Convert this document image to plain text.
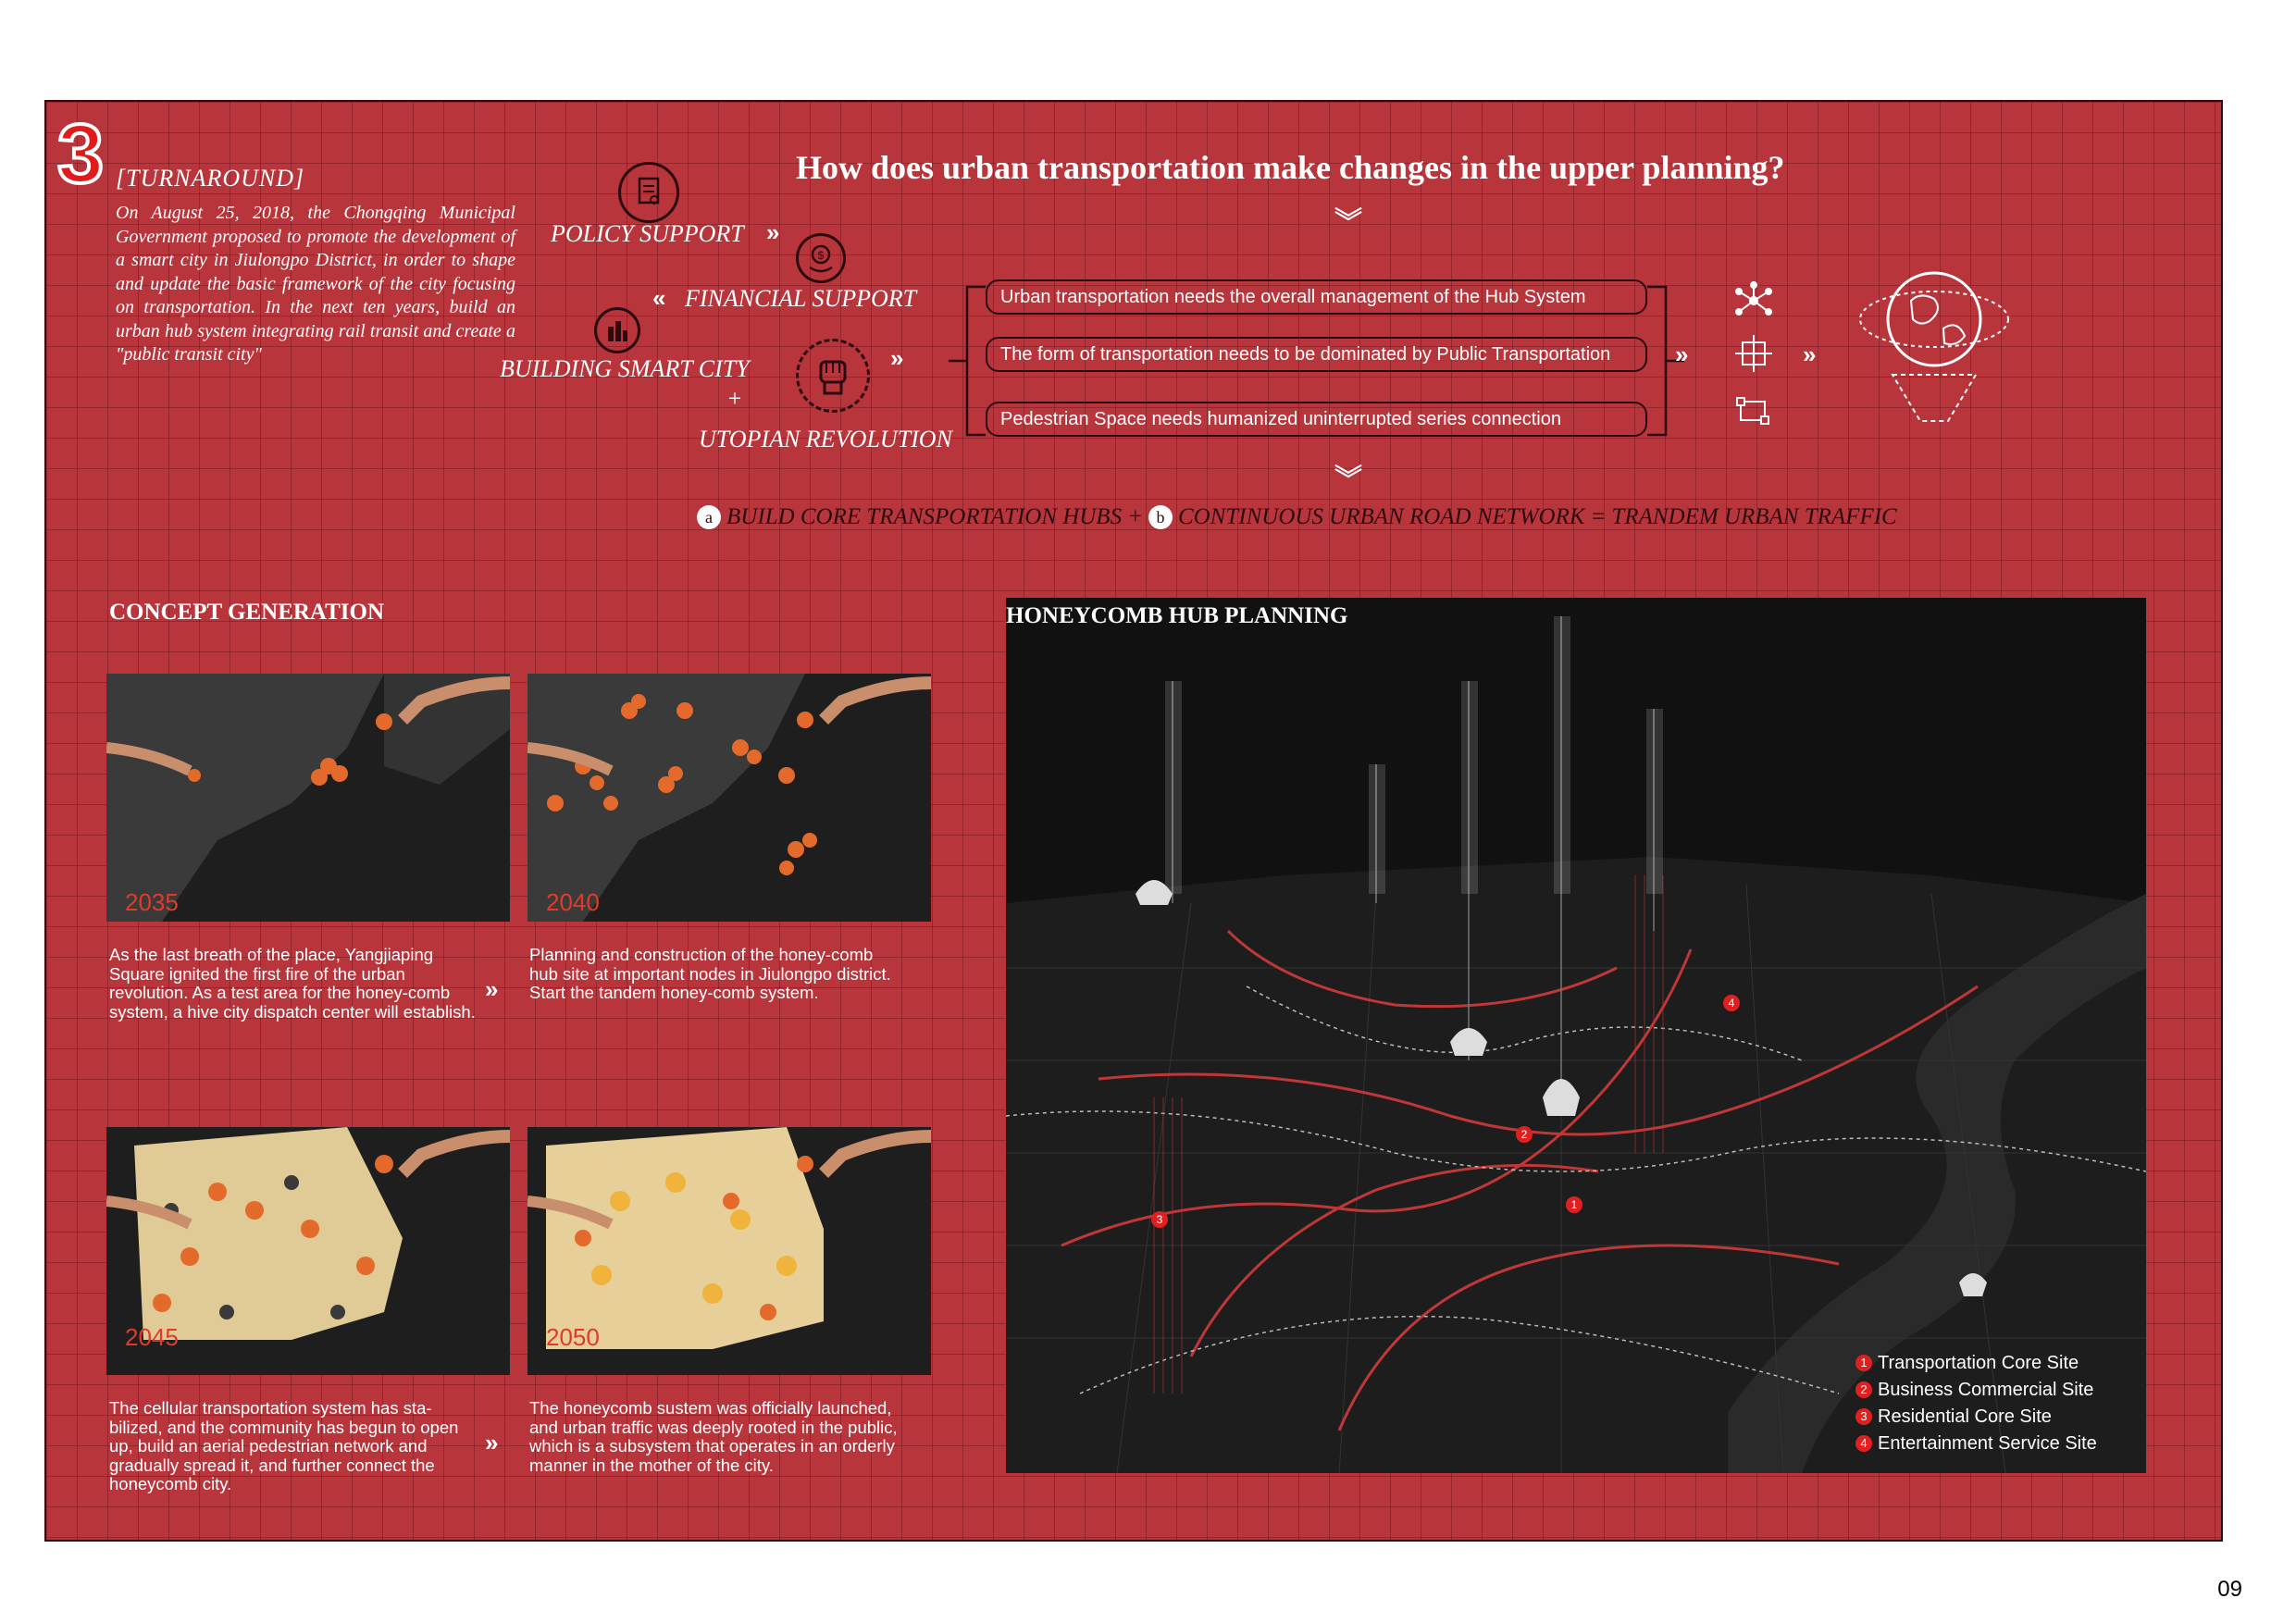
3 [TURNAROUND]
On August 25, 2018, the Chongqing Municipal Government proposed to promote the development of a smart city in Jiulongpo District, in order to shape and update the basic framework of the city focusing on transportation. In the next ten years, build an urban hub system integrating rail transit and create a "public transit city"
How does urban transportation make changes in the upper planning?
︾
POLICY SUPPORT »
$
« FINANCIAL SUPPORT
BUILDING SMART CITY
+
UTOPIAN REVOLUTION
»
Urban transportation needs the overall management of the Hub System
The form of transportation needs to be dominated by Public Transportation
Pedestrian Space needs humanized uninterrupted series connection
»	»
︾
a BUILD CORE TRANSPORTATION HUBS + b CONTINUOUS URBAN ROAD NETWORK = TRANDEM URBAN TRAFFIC
CONCEPT GENERATION
2035	2040
As the last breath of the place, Yangjiaping Square ignited the first fire of the urban revolution. As a test area for the honey-comb system, a hive city dispatch center will establish.
»
Planning and construction of the honey-comb hub site at important nodes in Jiulongpo district. Start the tandem honey-comb system.
2045	2050
The cellular transportation system has sta-bilized, and the community has begun to open up, build an aerial pedestrian network and gradually spread it, and further connect the honeycomb city.
»
The honeycomb sustem was officially launched, and urban traffic was deeply rooted in the public, which is a subsystem that operates in an orderly manner in the mother of the city.
1
2
3
4
HONEYCOMB HUB PLANNING
1 Transportation Core Site
2 Business Commercial Site
3 Residential Core Site
4 Entertainment Service Site
09
